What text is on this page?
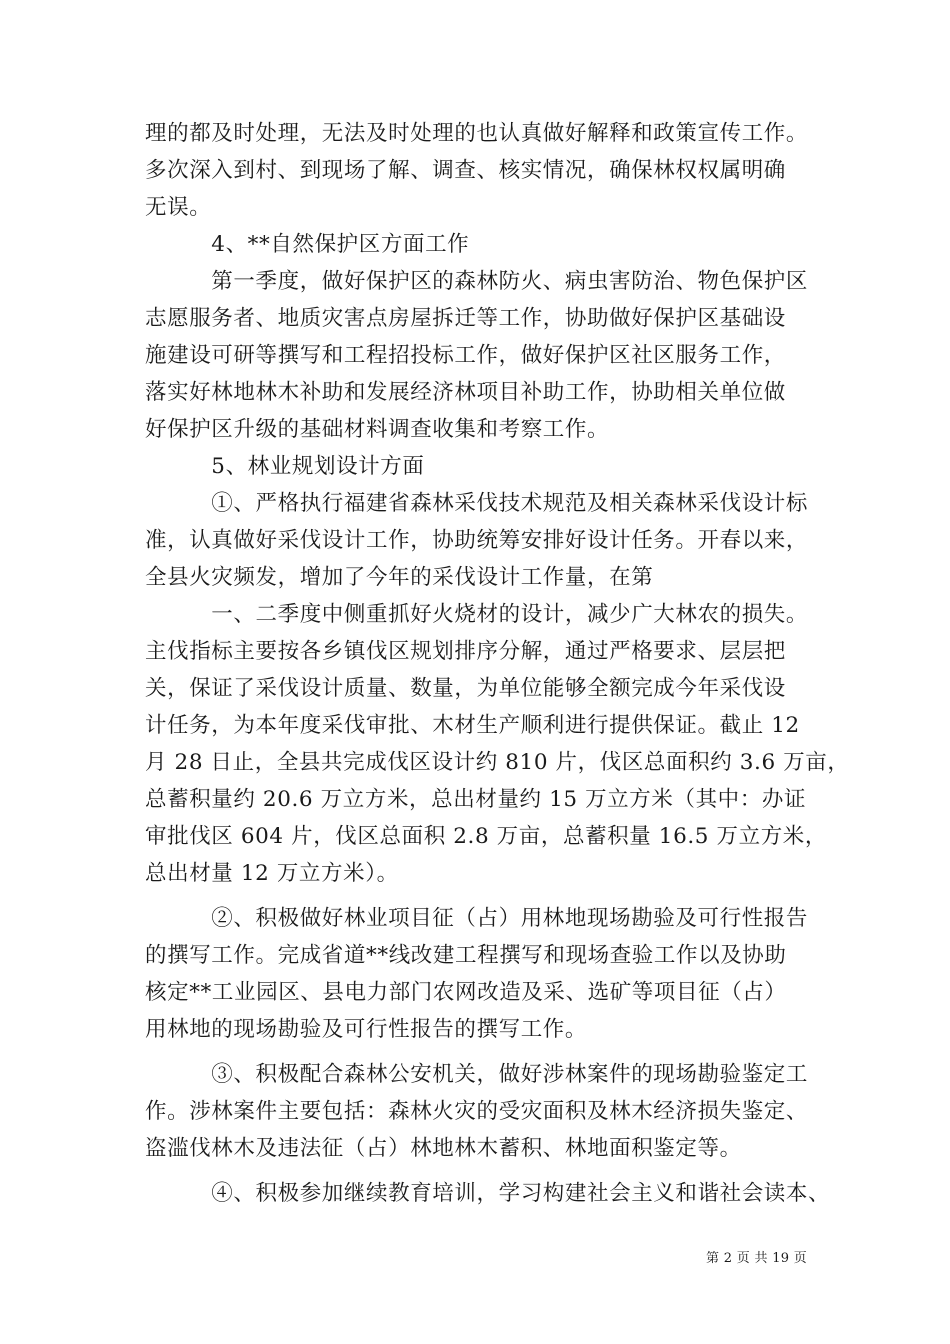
理的都及时处理，无法及时处理的也认真做好解释和政策宣传工作。
多次深入到村、到现场了解、调查、核实情况，确保林权权属明确
无误。
　　　4、**自然保护区方面工作
　　　第一季度，做好保护区的森林防火、病虫害防治、物色保护区
志愿服务者、地质灾害点房屋拆迁等工作，协助做好保护区基础设
施建设可研等撰写和工程招投标工作，做好保护区社区服务工作，
落实好林地林木补助和发展经济林项目补助工作，协助相关单位做
好保护区升级的基础材料调查收集和考察工作。
　　　5、林业规划设计方面
　　　①、严格执行福建省森林采伐技术规范及相关森林采伐设计标
准，认真做好采伐设计工作，协助统筹安排好设计任务。开春以来，
全县火灾频发，增加了今年的采伐设计工作量，在第
　　　一、二季度中侧重抓好火烧材的设计，减少广大林农的损失。
主伐指标主要按各乡镇伐区规划排序分解，通过严格要求、层层把
关，保证了采伐设计质量、数量，为单位能够全额完成今年采伐设
计任务，为本年度采伐审批、木材生产顺利进行提供保证。截止 12
月 28 日止，全县共完成伐区设计约 810 片，伐区总面积约 3.6 万亩，
总蓄积量约 20.6 万立方米，总出材量约 15 万立方米（其中：办证
审批伐区 604 片，伐区总面积 2.8 万亩，总蓄积量 16.5 万立方米，
总出材量 12 万立方米）。
　　　②、积极做好林业项目征（占）用林地现场勘验及可行性报告
的撰写工作。完成省道**线改建工程撰写和现场查验工作以及协助
核定**工业园区、县电力部门农网改造及采、选矿等项目征（占）
用林地的现场勘验及可行性报告的撰写工作。
　　　③、积极配合森林公安机关，做好涉林案件的现场勘验鉴定工
作。涉林案件主要包括：森林火灾的受灾面积及林木经济损失鉴定、
盗滥伐林木及违法征（占）林地林木蓄积、林地面积鉴定等。
　　　④、积极参加继续教育培训，学习构建社会主义和谐社会读本、
第 2 页 共 19 页
